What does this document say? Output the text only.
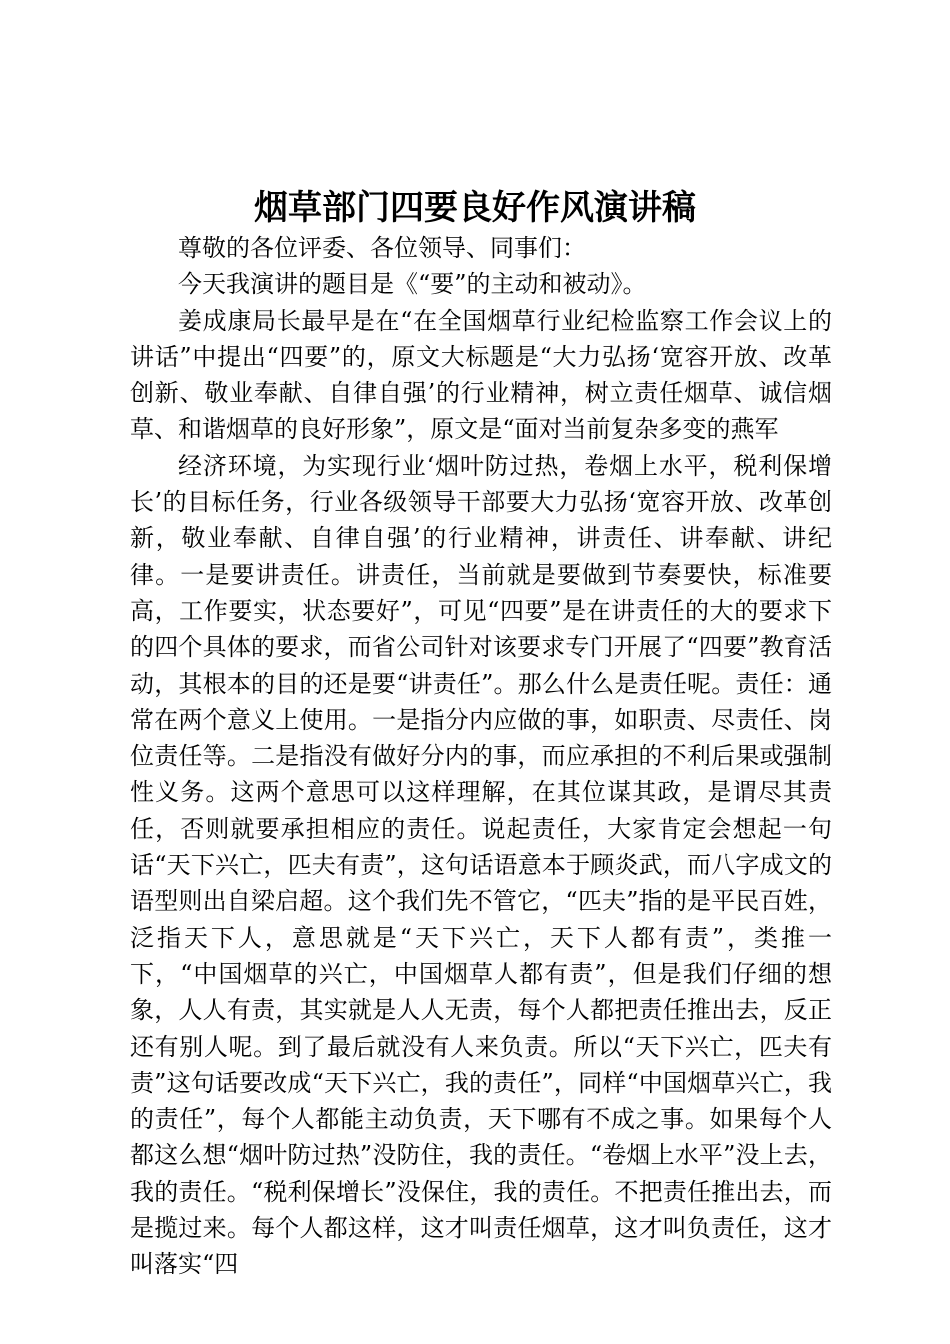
烟草部门四要良好作风演讲稿

尊敬的各位评委、各位领导、同事们：

今天我演讲的题目是《“要”的主动和被动》。

姜成康局长最早是在“在全国烟草行业纪检监察工作会议上的讲话”中提出“四要”的，原文大标题是“大力弘扬‘宽容开放、改革创新、敬业奉献、自律自强’的行业精神，树立责任烟草、诚信烟草、和谐烟草的良好形象”，原文是“面对当前复杂多变的燕军

经济环境，为实现行业‘烟叶防过热，卷烟上水平，税利保增长’的目标任务，行业各级领导干部要大力弘扬‘宽容开放、改革创新，敬业奉献、自律自强’的行业精神，讲责任、讲奉献、讲纪律。一是要讲责任。讲责任，当前就是要做到节奏要快，标准要高，工作要实，状态要好”，可见“四要”是在讲责任的大的要求下的四个具体的要求，而省公司针对该要求专门开展了“四要”教育活动，其根本的目的还是要“讲责任”。那么什么是责任呢。责任：通常在两个意义上使用。一是指分内应做的事，如职责、尽责任、岗位责任等。二是指没有做好分内的事，而应承担的不利后果或强制性义务。这两个意思可以这样理解，在其位谋其政，是谓尽其责任，否则就要承担相应的责任。说起责任，大家肯定会想起一句话“天下兴亡，匹夫有责”，这句话语意本于顾炎武，而八字成文的语型则出自梁启超。这个我们先不管它，“匹夫”指的是平民百姓，泛指天下人，意思就是“天下兴亡，天下人都有责”，类推一下，“中国烟草的兴亡，中国烟草人都有责”，但是我们仔细的想象，人人有责，其实就是人人无责，每个人都把责任推出去，反正还有别人呢。到了最后就没有人来负责。所以“天下兴亡，匹夫有责”这句话要改成“天下兴亡，我的责任”，同样“中国烟草兴亡，我的责任”，每个人都能主动负责，天下哪有不成之事。如果每个人都这么想“烟叶防过热”没防住，我的责任。“卷烟上水平”没上去，我的责任。“税利保增长”没保住，我的责任。不把责任推出去，而是揽过来。每个人都这样，这才叫责任烟草，这才叫负责任，这才叫落实“四
